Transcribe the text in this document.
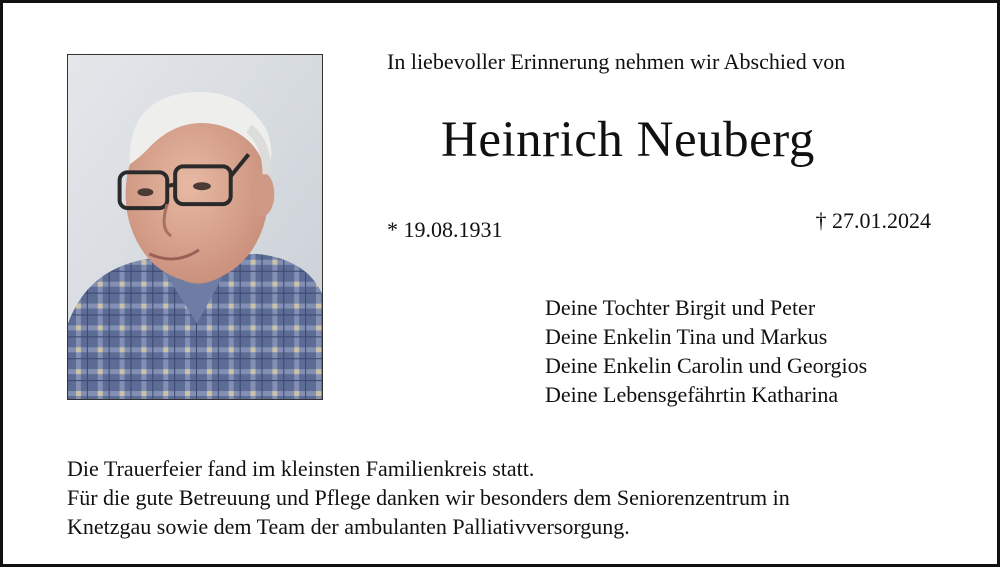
In liebevoller Erinnerung nehmen wir Abschied von
Heinrich Neuberg
* 19.08.1931	† 27.01.2024
Deine Tochter Birgit und Peter
Deine Enkelin Tina und Markus
Deine Enkelin Carolin und Georgios
Deine Lebensgefährtin Katharina
Die Trauerfeier fand im kleinsten Familienkreis statt.
Für die gute Betreuung und Pflege danken wir besonders dem Seniorenzentrum in
Knetzgau sowie dem Team der ambulanten Palliativversorgung.
